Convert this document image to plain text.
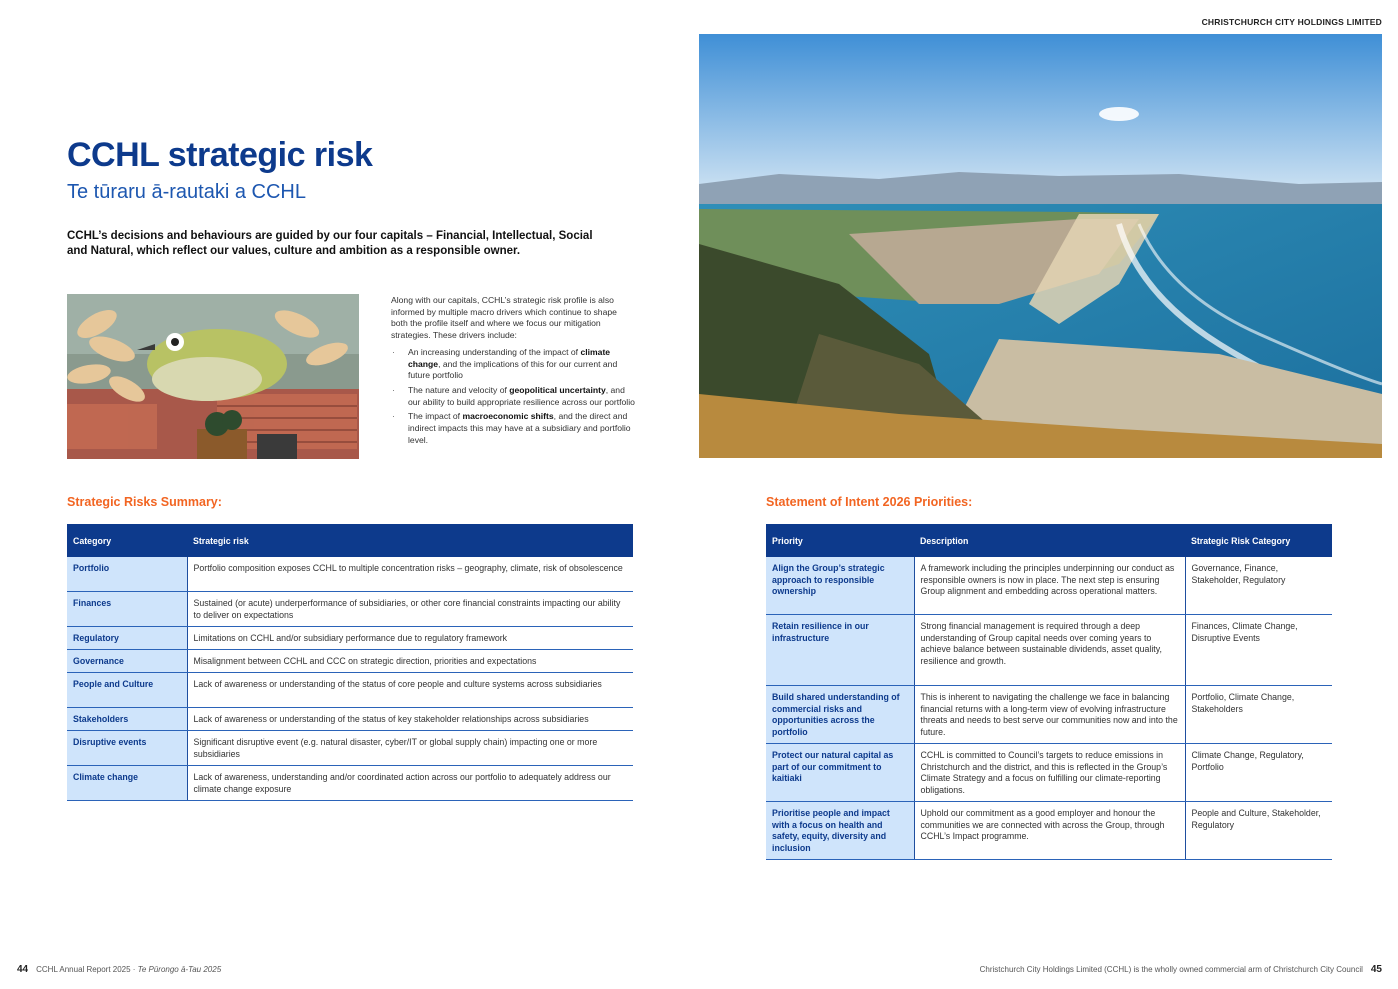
CHRISTCHURCH CITY HOLDINGS LIMITED
CCHL strategic risk
Te tūraru ā-rautaki a CCHL
CCHL’s decisions and behaviours are guided by our four capitals – Financial, Intellectual, Social and Natural, which reflect our values, culture and ambition as a responsible owner.

Along with our capitals, CCHL’s strategic risk profile is also informed by multiple macro drivers which continue to shape both the profile itself and where we focus our mitigation strategies. These drivers include:

· An increasing understanding of the impact of climate change, and the implications of this for our current and future portfolio
· The nature and velocity of geopolitical uncertainty, and our ability to build appropriate resilience across our portfolio
· The impact of macroeconomic shifts, and the direct and indirect impacts this may have at a subsidiary and portfolio level.
Strategic Risks Summary:
Category	Strategic risk
Portfolio	Portfolio composition exposes CCHL to multiple concentration risks – geography, climate, risk of obsolescence
Finances	Sustained (or acute) underperformance of subsidiaries, or other core financial constraints impacting our ability to deliver on expectations
Regulatory	Limitations on CCHL and/or subsidiary performance due to regulatory framework
Governance	Misalignment between CCHL and CCC on strategic direction, priorities and expectations
People and Culture	Lack of awareness or understanding of the status of core people and culture systems across subsidiaries
Stakeholders	Lack of awareness or understanding of the status of key stakeholder relationships across subsidiaries
Disruptive events	Significant disruptive event (e.g. natural disaster, cyber/IT or global supply chain) impacting one or more subsidiaries
Climate change	Lack of awareness, understanding and/or coordinated action across our portfolio to adequately address our climate change exposure
Statement of Intent 2026 Priorities:
Priority	Description	Strategic Risk Category
Align the Group’s strategic approach to responsible ownership	A framework including the principles underpinning our conduct as responsible owners is now in place. The next step is ensuring Group alignment and embedding across operational matters.	Governance, Finance, Stakeholder, Regulatory
Retain resilience in our infrastructure	Strong financial management is required through a deep understanding of Group capital needs over coming years to achieve balance between sustainable dividends, asset quality, resilience and growth.	Finances, Climate Change, Disruptive Events
Build shared understanding of commercial risks and opportunities across the portfolio	This is inherent to navigating the challenge we face in balancing financial returns with a long-term view of evolving infrastructure threats and needs to best serve our communities now and into the future.	Portfolio, Climate Change, Stakeholders
Protect our natural capital as part of our commitment to kaitiaki	CCHL is committed to Council’s targets to reduce emissions in Christchurch and the district, and this is reflected in the Group’s Climate Strategy and a focus on fulfilling our climate-reporting obligations.	Climate Change, Regulatory, Portfolio
Prioritise people and impact with a focus on health and safety, equity, diversity and inclusion	Uphold our commitment as a good employer and honour the communities we are connected with across the Group, through CCHL’s Impact programme.	People and Culture, Stakeholder, Regulatory
44 CCHL Annual Report 2025 · Te Pūrongo ā-Tau 2025	Christchurch City Holdings Limited (CCHL) is the wholly owned commercial arm of Christchurch City Council 45
